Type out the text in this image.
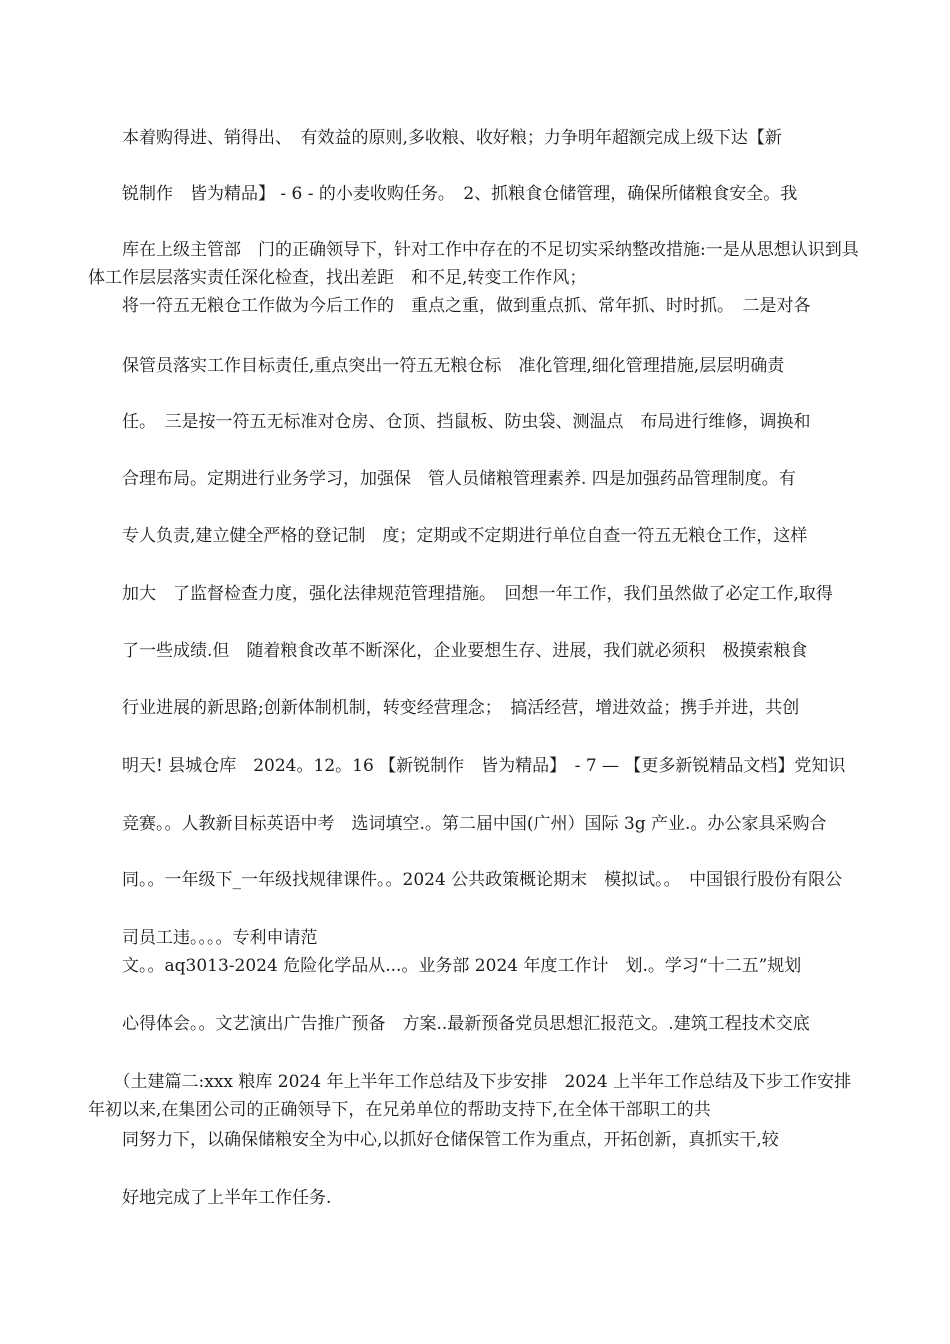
　　本着购得进、销得出、　有效益的原则,多收粮、收好粮；力争明年超额完成上级下达【新

　　锐制作　皆为精品】 - 6 - 的小麦收购任务。　2、抓粮食仓储管理，确保所储粮食安全。我

　　库在上级主管部　门的正确领导下，针对工作中存在的不足切实采纳整改措施:一是从思想认识到具体工作层层落实责任深化检查，找出差距　和不足,转变工作作风；

　　将一符五无粮仓工作做为今后工作的　重点之重，做到重点抓、常年抓、时时抓。　二是对各

　　保管员落实工作目标责任,重点突出一符五无粮仓标　准化管理,细化管理措施,层层明确责

　　任。　三是按一符五无标准对仓房、仓顶、挡鼠板、防虫袋、测温点　布局进行维修，调换和

　　合理布局。定期进行业务学习，加强保　管人员储粮管理素养. 四是加强药品管理制度。有

　　专人负责,建立健全严格的登记制　度；定期或不定期进行单位自查一符五无粮仓工作，这样

　　加大　了监督检查力度，强化法律规范管理措施。　回想一年工作，我们虽然做了必定工作,取得

　　了一些成绩.但　随着粮食改革不断深化，企业要想生存、进展，我们就必须积　极摸索粮食

　　行业进展的新思路;创新体制机制，转变经营理念；　搞活经营，增进效益；携手并进，共创

　　明天! 县城仓库　2024。12。16 【新锐制作　皆为精品】　- 7 — 【更多新锐精品文档】党知识

　　竞赛。。人教新目标英语中考　选词填空.。第二届中国(广州）国际 3g 产业.。办公家具采购合

　　同。。一年级下_一年级找规律课件。。2024 公共政策概论期末　模拟试。。　中国银行股份有限公

　　司员工违。。。。专利申请范

　　文。。aq3013-2024 危险化学品从...。业务部 2024 年度工作计　划.。学习“十二五”规划

　　心得体会。。文艺演出广告推广预备　方案..最新预备党员思想汇报范文。.建筑工程技术交底

　　（土建篇二:xxx 粮库 2024 年上半年工作总结及下步安排　2024 上半年工作总结及下步工作安排年初以来,在集团公司的正确领导下，在兄弟单位的帮助支持下,在全体干部职工的共

　　同努力下，以确保储粮安全为中心,以抓好仓储保管工作为重点，开拓创新，真抓实干,较

　　好地完成了上半年工作任务.
